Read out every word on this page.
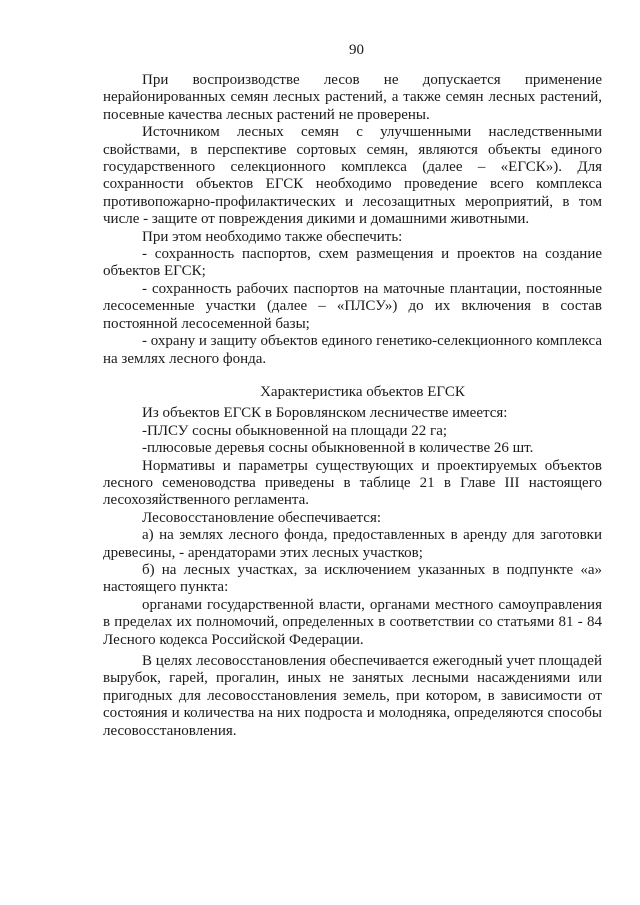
90

При воспроизводстве лесов не допускается применение нерайонированных семян лесных растений, а также семян лесных растений, посевные качества лесных растений не проверены.

Источником лесных семян с улучшенными наследственными свойствами, в перспективе сортовых семян, являются объекты единого государственного селекционного комплекса (далее – «ЕГСК»). Для сохранности объектов ЕГСК необходимо проведение всего комплекса противопожарно-профилактических и лесозащитных мероприятий, в том числе - защите от повреждения дикими и домашними животными.

При этом необходимо также обеспечить:

- сохранность паспортов, схем размещения и проектов на создание объектов ЕГСК;

- сохранность рабочих паспортов на маточные плантации, постоянные лесосеменные участки (далее – «ПЛСУ») до их включения в состав постоянной лесосеменной базы;

- охрану и защиту объектов единого генетико-селекционного комплекса на землях лесного фонда.

Характеристика объектов ЕГСК

Из объектов ЕГСК в Боровлянском лесничестве имеется:

-ПЛСУ сосны обыкновенной на площади 22 га;

-плюсовые деревья сосны обыкновенной в количестве 26 шт.

Нормативы и параметры существующих и проектируемых объектов лесного семеноводства приведены в таблице 21 в Главе III настоящего лесохозяйственного регламента.

Лесовосстановление обеспечивается:

а) на землях лесного фонда, предоставленных в аренду для заготовки древесины, - арендаторами этих лесных участков;

б) на лесных участках, за исключением указанных в подпункте «а» настоящего пункта:

органами государственной власти, органами местного самоуправления в пределах их полномочий, определенных в соответствии со статьями 81 - 84 Лесного кодекса Российской Федерации.

В целях лесовосстановления обеспечивается ежегодный учет площадей вырубок, гарей, прогалин, иных не занятых лесными насаждениями или пригодных для лесовосстановления земель, при котором, в зависимости от состояния и количества на них подроста и молодняка, определяются способы лесовосстановления.
